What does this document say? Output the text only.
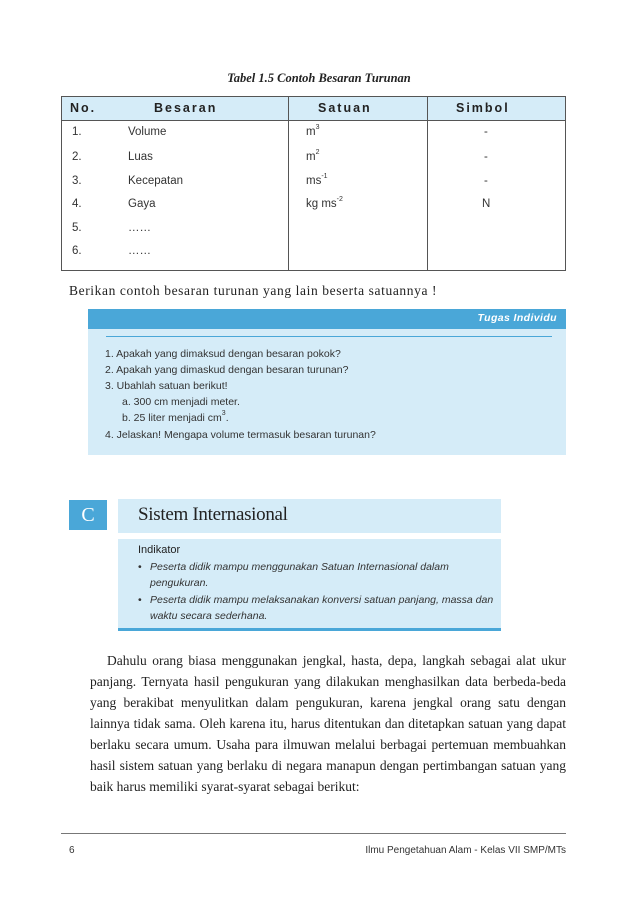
Tabel 1.5 Contoh Besaran Turunan
No.	Besaran	Satuan	Simbol
1.	Volume	$m^3$	-
2.	Luas	$m^2$	-
3.	Kecepatan	$ms^{-1}$	-
4.	Gaya	kg $ms^{-2}$	N
5.	……
6.	……
Berikan contoh besaran turunan yang lain beserta satuannya !
Tugas Individu
1. Apakah yang dimaksud dengan besaran pokok?
2. Apakah yang dimaskud dengan besaran turunan?
3. Ubahlah satuan berikut!
a. 300 cm menjadi meter.
b. 25 liter menjadi $cm^3$.
4. Jelaskan! Mengapa volume termasuk besaran turunan?
C	Sistem Internasional
Indikator
• Peserta didik mampu menggunakan Satuan Internasional dalam
pengukuran.
• Peserta didik mampu melaksanakan konversi satuan panjang, massa dan
waktu secara sederhana.

Dahulu orang biasa menggunakan jengkal, hasta, depa, langkah sebagai alat ukur panjang. Ternyata hasil pengukuran yang dilakukan menghasilkan data berbeda-beda yang berakibat menyulitkan dalam pengukuran, karena jengkal orang satu dengan lainnya tidak sama. Oleh karena itu, harus ditentukan dan ditetapkan satuan yang dapat berlaku secara umum. Usaha para ilmuwan melalui berbagai pertemuan membuahkan hasil sistem satuan yang berlaku di negara manapun dengan pertimbangan satuan yang baik harus memiliki syarat-syarat sebagai berikut:

6	Ilmu Pengetahuan Alam - Kelas VII SMP/MTs
